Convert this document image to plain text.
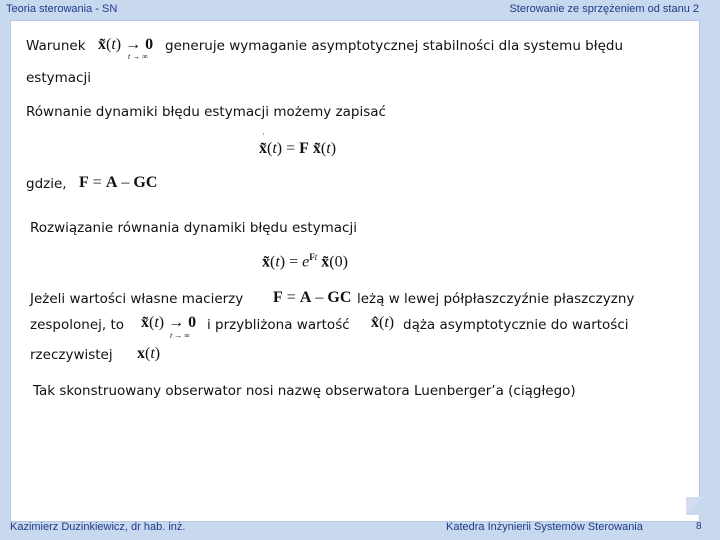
Teoria sterowania - SN	Sterowanie ze sprzężeniem od stanu 2
Warunek x̃(t) → 0
t → ∞
generuje wymaganie asymptotycznej stabilności dla systemu błędu
estymacji
Równanie dynamiki błędu estymacji możemy zapisać
x̃(t) = F x̃(t)
·
gdzie, F = A – GC
Rozwiązanie równania dynamiki błędu estymacji
x̃(t) = $e^{Ft}$ x̃(0)
Jeżeli wartości własne macierzy F = A – GC leżą w lewej półpłaszczyźnie płaszczyzny
zespolonej, to x̃(t) → 0
t → ∞
i przybliżona wartość x̂(t) dąża asymptotycznie do wartości
rzeczywistej x(t)
Tak skonstruowany obserwator nosi nazwę obserwatora Luenberger’a (ciągłego)
Kazimierz Duzinkiewicz, dr hab. inż.	Katedra Inżynierii Systemów Sterowania	8
